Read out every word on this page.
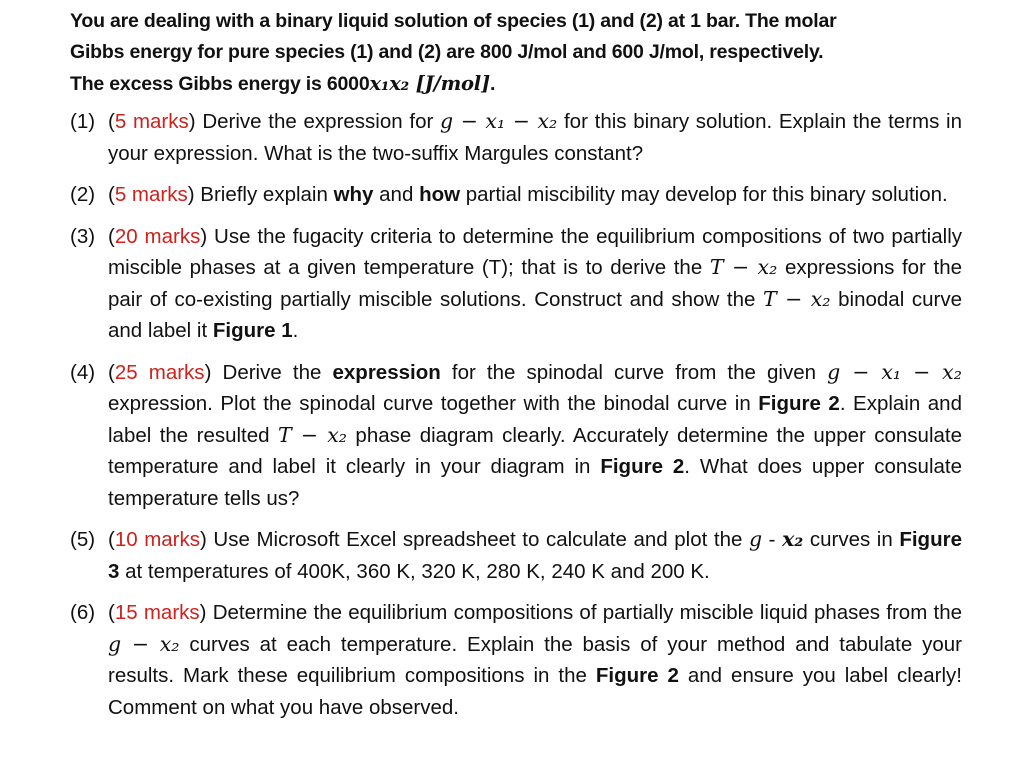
You are dealing with a binary liquid solution of species (1) and (2) at 1 bar. The molar
Gibbs energy for pure species (1) and (2) are 800 J/mol and 600 J/mol, respectively.
The excess Gibbs energy is 6000x₁x₂ [J/mol].
(1) (5 marks) Derive the expression for g − x₁ − x₂ for this binary solution. Explain the terms in your expression. What is the two-suffix Margules constant?
(2) (5 marks) Briefly explain why and how partial miscibility may develop for this binary solution.
(3) (20 marks) Use the fugacity criteria to determine the equilibrium compositions of two partially miscible phases at a given temperature (T); that is to derive the T − x₂ expressions for the pair of co-existing partially miscible solutions. Construct and show the T − x₂ binodal curve and label it Figure 1.
(4) (25 marks) Derive the expression for the spinodal curve from the given g − x₁ − x₂ expression. Plot the spinodal curve together with the binodal curve in Figure 2. Explain and label the resulted T − x₂ phase diagram clearly. Accurately determine the upper consulate temperature and label it clearly in your diagram in Figure 2. What does upper consulate temperature tells us?
(5) (10 marks) Use Microsoft Excel spreadsheet to calculate and plot the g - x₂ curves in Figure 3 at temperatures of 400K, 360 K, 320 K, 280 K, 240 K and 200 K.
(6) (15 marks) Determine the equilibrium compositions of partially miscible liquid phases from the g − x₂ curves at each temperature. Explain the basis of your method and tabulate your results. Mark these equilibrium compositions in the Figure 2 and ensure you label clearly! Comment on what you have observed.
